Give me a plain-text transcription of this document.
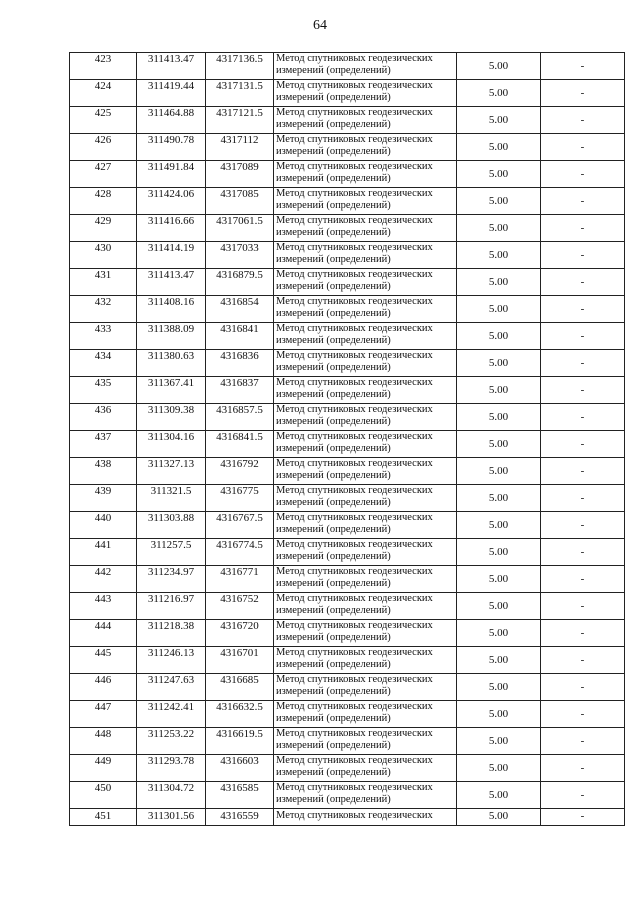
64
423	311413.47	4317136.5	Метод спутниковых геодезических
измерений (определений)	5.00	-
424	311419.44	4317131.5	Метод спутниковых геодезических
измерений (определений)	5.00	-
425	311464.88	4317121.5	Метод спутниковых геодезических
измерений (определений)	5.00	-
426	311490.78	4317112	Метод спутниковых геодезических
измерений (определений)	5.00	-
427	311491.84	4317089	Метод спутниковых геодезических
измерений (определений)	5.00	-
428	311424.06	4317085	Метод спутниковых геодезических
измерений (определений)	5.00	-
429	311416.66	4317061.5	Метод спутниковых геодезических
измерений (определений)	5.00	-
430	311414.19	4317033	Метод спутниковых геодезических
измерений (определений)	5.00	-
431	311413.47	4316879.5	Метод спутниковых геодезических
измерений (определений)	5.00	-
432	311408.16	4316854	Метод спутниковых геодезических
измерений (определений)	5.00	-
433	311388.09	4316841	Метод спутниковых геодезических
измерений (определений)	5.00	-
434	311380.63	4316836	Метод спутниковых геодезических
измерений (определений)	5.00	-
435	311367.41	4316837	Метод спутниковых геодезических
измерений (определений)	5.00	-
436	311309.38	4316857.5	Метод спутниковых геодезических
измерений (определений)	5.00	-
437	311304.16	4316841.5	Метод спутниковых геодезических
измерений (определений)	5.00	-
438	311327.13	4316792	Метод спутниковых геодезических
измерений (определений)	5.00	-
439	311321.5	4316775	Метод спутниковых геодезических
измерений (определений)	5.00	-
440	311303.88	4316767.5	Метод спутниковых геодезических
измерений (определений)	5.00	-
441	311257.5	4316774.5	Метод спутниковых геодезических
измерений (определений)	5.00	-
442	311234.97	4316771	Метод спутниковых геодезических
измерений (определений)	5.00	-
443	311216.97	4316752	Метод спутниковых геодезических
измерений (определений)	5.00	-
444	311218.38	4316720	Метод спутниковых геодезических
измерений (определений)	5.00	-
445	311246.13	4316701	Метод спутниковых геодезических
измерений (определений)	5.00	-
446	311247.63	4316685	Метод спутниковых геодезических
измерений (определений)	5.00	-
447	311242.41	4316632.5	Метод спутниковых геодезических
измерений (определений)	5.00	-
448	311253.22	4316619.5	Метод спутниковых геодезических
измерений (определений)	5.00	-
449	311293.78	4316603	Метод спутниковых геодезических
измерений (определений)	5.00	-
450	311304.72	4316585	Метод спутниковых геодезических
измерений (определений)	5.00	-
451	311301.56	4316559	Метод спутниковых геодезических	5.00	-
